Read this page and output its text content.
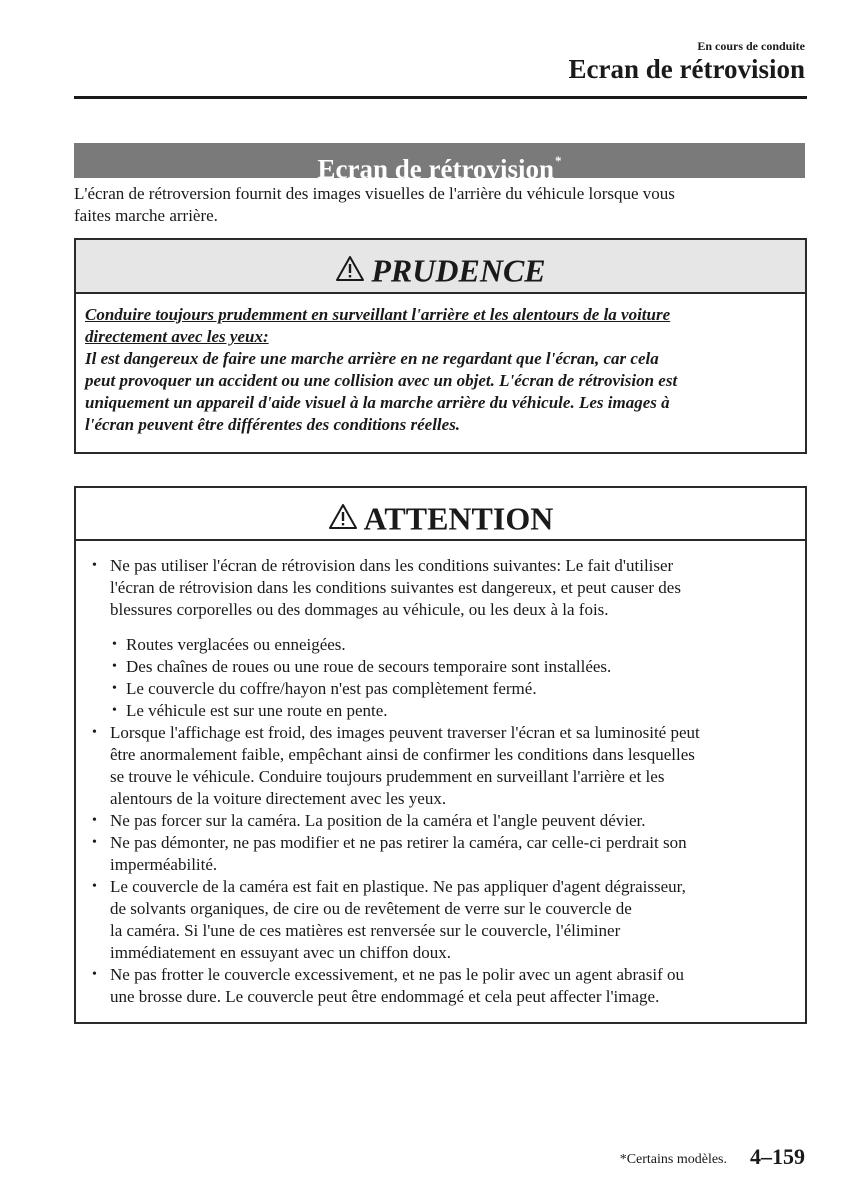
En cours de conduite
Ecran de rétrovision
Ecran de rétrovision*
L'écran de rétroversion fournit des images visuelles de l'arrière du véhicule lorsque vous
faites marche arrière.
PRUDENCE
Conduire toujours prudemment en surveillant l'arrière et les alentours de la voiture
directement avec les yeux:
Il est dangereux de faire une marche arrière en ne regardant que l'écran, car cela
peut provoquer un accident ou une collision avec un objet. L'écran de rétrovision est
uniquement un appareil d'aide visuel à la marche arrière du véhicule. Les images à
l'écran peuvent être différentes des conditions réelles.
ATTENTION
• Ne pas utiliser l'écran de rétrovision dans les conditions suivantes: Le fait d'utiliser
l'écran de rétrovision dans les conditions suivantes est dangereux, et peut causer des
blessures corporelles ou des dommages au véhicule, ou les deux à la fois.
• Routes verglacées ou enneigées.
• Des chaînes de roues ou une roue de secours temporaire sont installées.
• Le couvercle du coffre/hayon n'est pas complètement fermé.
• Le véhicule est sur une route en pente.
• Lorsque l'affichage est froid, des images peuvent traverser l'écran et sa luminosité peut
être anormalement faible, empêchant ainsi de confirmer les conditions dans lesquelles
se trouve le véhicule. Conduire toujours prudemment en surveillant l'arrière et les
alentours de la voiture directement avec les yeux.
• Ne pas forcer sur la caméra. La position de la caméra et l'angle peuvent dévier.
• Ne pas démonter, ne pas modifier et ne pas retirer la caméra, car celle-ci perdrait son
imperméabilité.
• Le couvercle de la caméra est fait en plastique. Ne pas appliquer d'agent dégraisseur,
de solvants organiques, de cire ou de revêtement de verre sur le couvercle de
la caméra. Si l'une de ces matières est renversée sur le couvercle, l'éliminer
immédiatement en essuyant avec un chiffon doux.
• Ne pas frotter le couvercle excessivement, et ne pas le polir avec un agent abrasif ou
une brosse dure. Le couvercle peut être endommagé et cela peut affecter l'image.
*Certains modèles. 4–159
